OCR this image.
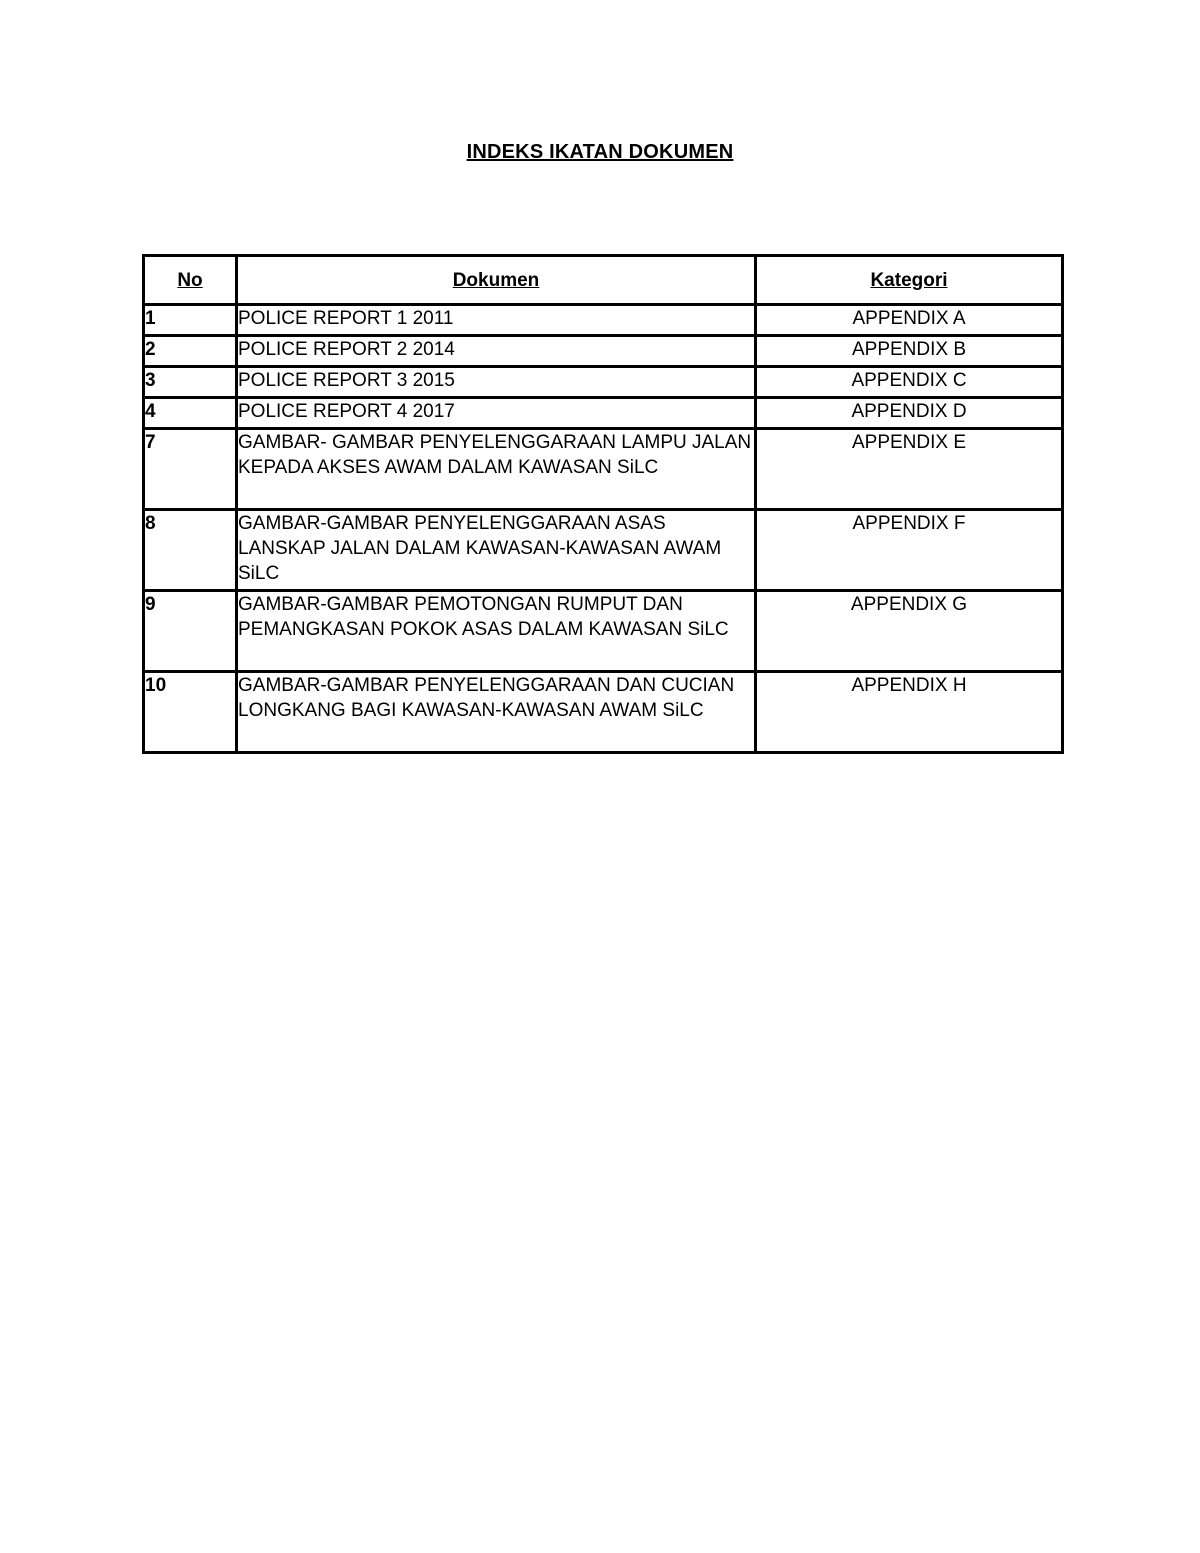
INDEKS IKATAN DOKUMEN
No	Dokumen	Kategori
1	POLICE REPORT 1 2011	APPENDIX A
2	POLICE REPORT 2 2014	APPENDIX B
3	POLICE REPORT 3 2015	APPENDIX C
4	POLICE REPORT 4 2017	APPENDIX D
7	GAMBAR- GAMBAR PENYELENGGARAAN LAMPU JALAN KEPADA AKSES AWAM DALAM KAWASAN SiLC	APPENDIX E
8	GAMBAR-GAMBAR PENYELENGGARAAN ASAS LANSKAP JALAN DALAM KAWASAN-KAWASAN AWAM SiLC	APPENDIX F
9	GAMBAR-GAMBAR PEMOTONGAN RUMPUT DAN PEMANGKASAN POKOK ASAS DALAM KAWASAN SiLC	APPENDIX G
10	GAMBAR-GAMBAR PENYELENGGARAAN DAN CUCIAN LONGKANG BAGI KAWASAN-KAWASAN AWAM SiLC	APPENDIX H
